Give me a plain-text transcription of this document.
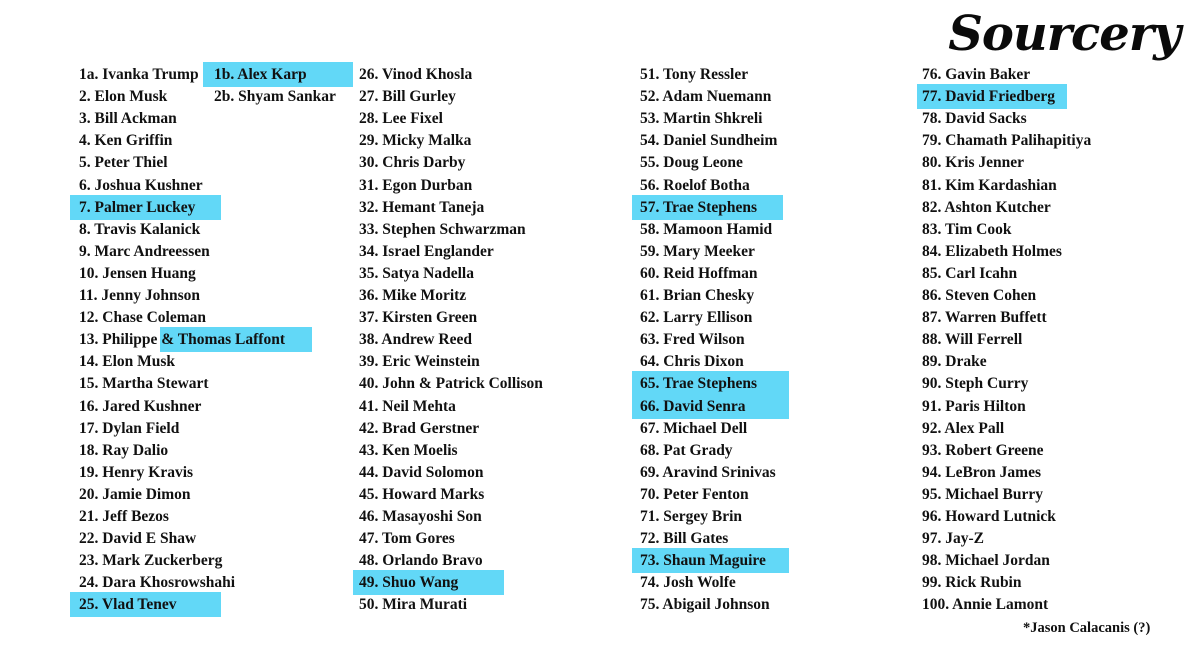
Sourcery
1a. Ivanka Trump
2. Elon Musk
3. Bill Ackman
4. Ken Griffin
5. Peter Thiel
6. Joshua Kushner
7. Palmer Luckey
8. Travis Kalanick
9. Marc Andreessen
10. Jensen Huang
11. Jenny Johnson
12. Chase Coleman
13. Philippe & Thomas Laffont
14. Elon Musk
15. Martha Stewart
16. Jared Kushner
17. Dylan Field
18. Ray Dalio
19. Henry Kravis
20. Jamie Dimon
21. Jeff Bezos
22. David E Shaw
23. Mark Zuckerberg
24. Dara Khosrowshahi
25. Vlad Tenev
1b. Alex Karp
2b. Shyam Sankar
26. Vinod Khosla
27. Bill Gurley
28. Lee Fixel
29. Micky Malka
30. Chris Darby
31. Egon Durban
32. Hemant Taneja
33. Stephen Schwarzman
34. Israel Englander
35. Satya Nadella
36. Mike Moritz
37. Kirsten Green
38. Andrew Reed
39. Eric Weinstein
40. John & Patrick Collison
41. Neil Mehta
42. Brad Gerstner
43. Ken Moelis
44. David Solomon
45. Howard Marks
46. Masayoshi Son
47. Tom Gores
48. Orlando Bravo
49. Shuo Wang
50. Mira Murati
51. Tony Ressler
52. Adam Nuemann
53. Martin Shkreli
54. Daniel Sundheim
55. Doug Leone
56. Roelof Botha
57. Trae Stephens
58. Mamoon Hamid
59. Mary Meeker
60. Reid Hoffman
61. Brian Chesky
62. Larry Ellison
63. Fred Wilson
64. Chris Dixon
65. Trae Stephens
66. David Senra
67. Michael Dell
68. Pat Grady
69. Aravind Srinivas
70. Peter Fenton
71. Sergey Brin
72. Bill Gates
73. Shaun Maguire
74. Josh Wolfe
75. Abigail Johnson
76. Gavin Baker
77. David Friedberg
78. David Sacks
79. Chamath Palihapitiya
80. Kris Jenner
81. Kim Kardashian
82. Ashton Kutcher
83. Tim Cook
84. Elizabeth Holmes
85. Carl Icahn
86. Steven Cohen
87. Warren Buffett
88. Will Ferrell
89. Drake
90. Steph Curry
91. Paris Hilton
92. Alex Pall
93. Robert Greene
94. LeBron James
95. Michael Burry
96. Howard Lutnick
97. Jay-Z
98. Michael Jordan
99. Rick Rubin
100. Annie Lamont
*Jason Calacanis (?)
